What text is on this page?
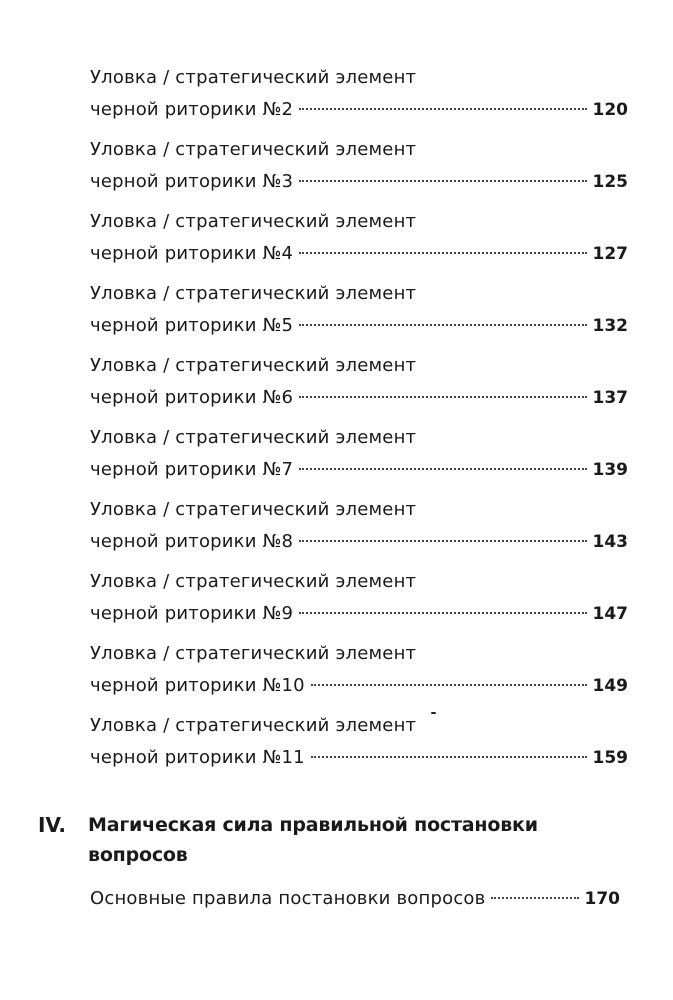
Уловка / стратегический элемент
черной риторики №2	120
Уловка / стратегический элемент
черной риторики №3	125
Уловка / стратегический элемент
черной риторики №4	127
Уловка / стратегический элемент
черной риторики №5	132
Уловка / стратегический элемент
черной риторики №6	137
Уловка / стратегический элемент
черной риторики №7	139
Уловка / стратегический элемент
черной риторики №8	143
Уловка / стратегический элемент
черной риторики №9	147
Уловка / стратегический элемент
черной риторики №10	149
Уловка / стратегический элемент
черной риторики №11	159
IV. Магическая сила правильной постановки вопросов
Основные правила постановки вопросов	170
